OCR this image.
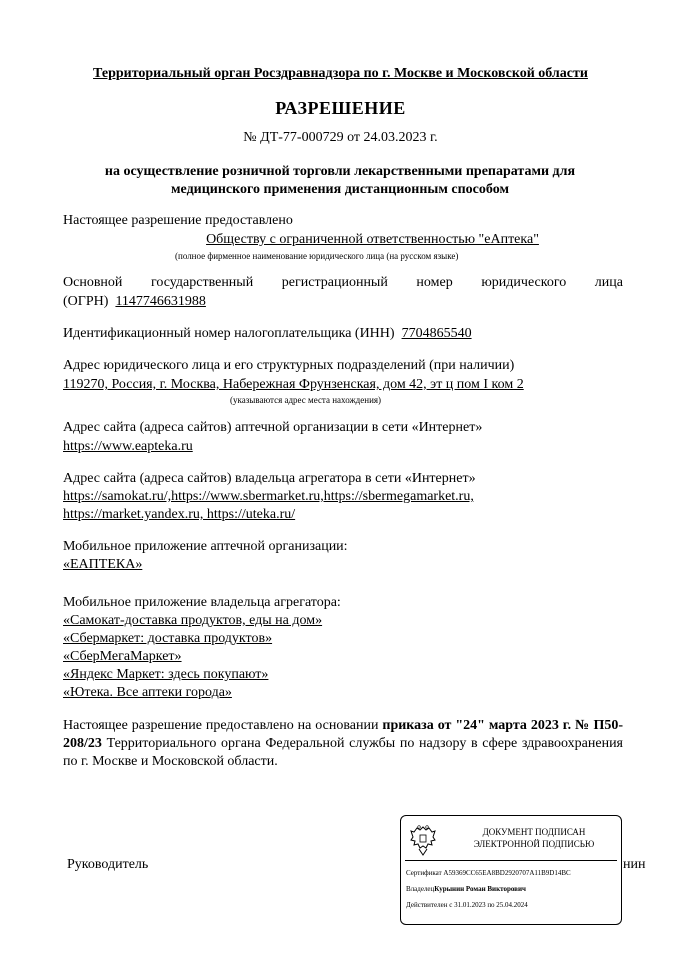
Территориальный орган Росздравнадзора по г. Москве и Московской области
РАЗРЕШЕНИЕ
№ ДТ-77-000729 от 24.03.2023 г.
на осуществление розничной торговли лекарственными препаратами для медицинского применения дистанционным способом
Настоящее разрешение предоставлено
Обществу с ограниченной ответственностью "еАптека"
(полное фирменное наименование юридического лица (на русском языке)
Основной государственный регистрационный номер юридического лица
(ОГРН) 1147746631988
Идентификационный номер налогоплательщика (ИНН) 7704865540
Адрес юридического лица и его структурных подразделений (при наличии)
119270, Россия, г. Москва, Набережная Фрунзенская, дом 42, эт ц пом I ком 2
(указываются адрес места нахождения)
Адрес сайта (адреса сайтов) аптечной организации в сети «Интернет»
https://www.eapteka.ru
Адрес сайта (адреса сайтов) владельца агрегатора в сети «Интернет»
https://samokat.ru/,https://www.sbermarket.ru,https://sbermegamarket.ru,
https://market.yandex.ru, https://uteka.ru/
Мобильное приложение аптечной организации:
«ЕАПТЕКА»
Мобильное приложение владельца агрегатора:
«Самокат-доставка продуктов, еды на дом»
«Сбермаркет: доставка продуктов»
«СберМегаМаркет»
«Яндекс Маркет: здесь покупают»
«Ютека. Все аптеки города»
Настоящее разрешение предоставлено на основании приказа от "24" марта 2023 г. № П50-208/23 Территориального органа Федеральной службы по надзору в сфере здравоохранения по г. Москве и Московской области.
Руководитель	нин
ДОКУМЕНТ ПОДПИСАН
ЭЛЕКТРОННОЙ ПОДПИСЬЮ
Сертификат A59369CC65EA8BD2920707A11B9D14BC
ВладелецКурынин Роман Викторович
Действителен с 31.01.2023 по 25.04.2024
